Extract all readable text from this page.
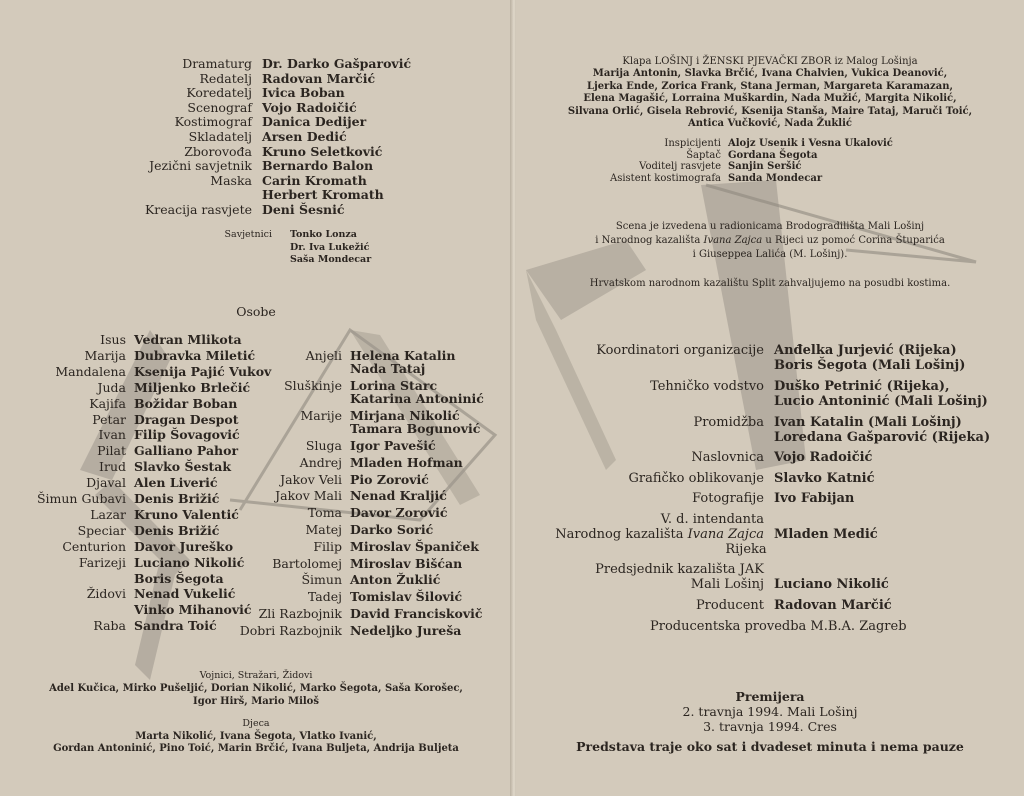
Dramaturg Dr. Darko Gašparović
Redatelj Radovan Marčić
Koredatelj Ivica Boban
Scenograf Vojo Radoičić
Kostimograf Danica Dedijer
Skladatelj Arsen Dedić
Zborovođa Kruno Seletković
Jezični savjetnik Bernardo Balon
Maska Carin Kromath
Herbert Kromath
Kreacija rasvjete Deni Šesnić
Savjetnici Tonko Lonza
Dr. Iva Lukežić
Saša Mondecar
Osobe
Isus Vedran Mlikota
Marija Dubravka Miletić
Mandalena Ksenija Pajić Vukov
Juda Miljenko Brlečić
Kajifa Božidar Boban
Petar Dragan Despot
Ivan Filip Šovagović
Pilat Galliano Pahor
Irud Slavko Šestak
Djaval Alen Liverić
Šimun Gubavi Denis Brižić
Lazar Kruno Valentić
Speciar Denis Brižić
Centurion Davor Jureško
Farizeji Luciano Nikolić
Boris Šegota
Židovi Nenad Vukelić
Vinko Mihanović
Raba Sandra Toić
Anjeli Helena Katalin
Nada Tataj
Sluškinje Lorina Starc
Katarina Antoninić
Marije Mirjana Nikolić
Tamara Bogunović
Sluga Igor Pavešić
Andrej Mladen Hofman
Jakov Veli Pio Zorović
Jakov Mali Nenad Kraljić
Toma Davor Zorović
Matej Darko Sorić
Filip Miroslav Španiček
Bartolomej Miroslav Bišćan
Šimun Anton Žuklić
Tadej Tomislav Šilović
Zli Razbojnik David Franciskovič
Dobri Razbojnik Nedeljko Jureša
Vojnici, Stražari, Židovi
Adel Kučica, Mirko Pušeljić, Dorian Nikolić, Marko Šegota, Saša Korošec,
Igor Hirš, Mario Miloš
Djeca
Marta Nikolić, Ivana Šegota, Vlatko Ivanić,
Gordan Antoninić, Pino Toić, Marin Brčić, Ivana Buljeta, Andrija Buljeta
Klapa LOŠINJ i ŽENSKI PJEVAČKI ZBOR iz Malog Lošinja
Marija Antonin, Slavka Brčić, Ivana Chalvien, Vukica Deanović,
Ljerka Ende, Zorica Frank, Stana Jerman, Margareta Karamazan,
Elena Magašić, Lorraina Muškardin, Nada Mužić, Margita Nikolić,
Silvana Orlić, Gisela Rebrović, Ksenija Stanša, Maire Tataj, Maruči Toić,
Antica Vučković, Nada Žuklić
Inspicijenti Alojz Usenik i Vesna Ukalović
Šaptač Gordana Šegota
Voditelj rasvjete Sanjin Seršić
Asistent kostimografa Sanda Mondecar
Scena je izvedena u radionicama Brodogradilišta Mali Lošinj
i Narodnog kazališta Ivana Zajca u Rijeci uz pomoć Corina Štuparića
i Giuseppea Lalića (M. Lošinj).
Hrvatskom narodnom kazalištu Split zahvaljujemo na posudbi kostima.
Koordinatori organizacije Anđelka Jurjević (Rijeka)
Boris Šegota (Mali Lošinj)
Tehničko vodstvo Duško Petrinić (Rijeka),
Lucio Antoninić (Mali Lošinj)
Promidžba Ivan Katalin (Mali Lošinj)
Loredana Gašparović (Rijeka)
Naslovnica Vojo Radoičić
Grafičko oblikovanje Slavko Katnić
Fotografije Ivo Fabijan
V. d. intendanta
Narodnog kazališta Ivana Zajca
Rijeka
Mladen Medić
Predsjednik kazališta JAK
Mali Lošinj Luciano Nikolić
Producent Radovan Marčić
Producentska provedba M.B.A. Zagreb
Premijera
2. travnja 1994. Mali Lošinj
3. travnja 1994. Cres
Predstava traje oko sat i dvadeset minuta i nema pauze
